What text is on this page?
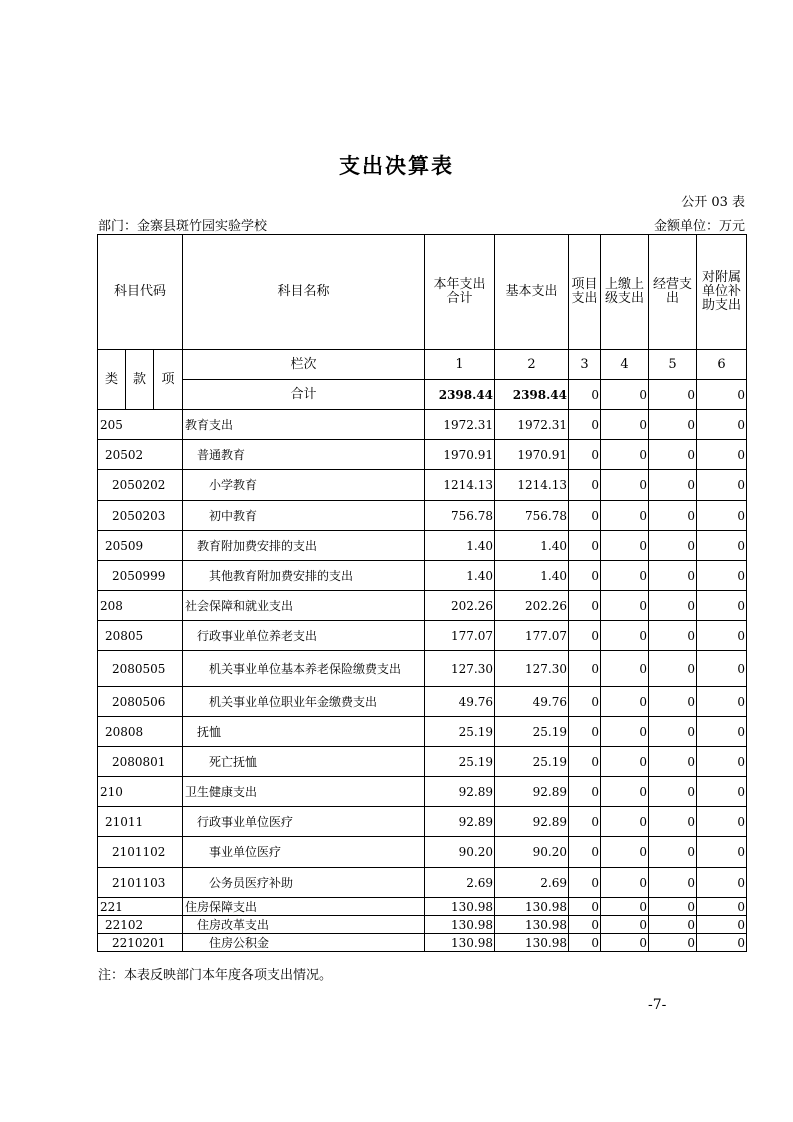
支出决算表
公开 03 表
部门：金寨县斑竹园实验学校	金额单位：万元
科目代码			科目名称	本年支出
合计	基本支出	项目支出	上缴上级支出	经营支出	对附属单位补助支出
类	款	项	栏次	1	2	3	4	5	6
			合计	2398.44	2398.44	0	0	0	0
205			教育支出	1972.31	1972.31	0	0	0	0
20502			普通教育	1970.91	1970.91	0	0	0	0
2050202			小学教育	1214.13	1214.13	0	0	0	0
2050203			初中教育	756.78	756.78	0	0	0	0
20509			教育附加费安排的支出	1.40	1.40	0	0	0	0
2050999			其他教育附加费安排的支出	1.40	1.40	0	0	0	0
208			社会保障和就业支出	202.26	202.26	0	0	0	0
20805			行政事业单位养老支出	177.07	177.07	0	0	0	0
2080505			机关事业单位基本养老保险缴费支出	127.30	127.30	0	0	0	0
2080506			机关事业单位职业年金缴费支出	49.76	49.76	0	0	0	0
20808			抚恤	25.19	25.19	0	0	0	0
2080801			死亡抚恤	25.19	25.19	0	0	0	0
210			卫生健康支出	92.89	92.89	0	0	0	0
21011			行政事业单位医疗	92.89	92.89	0	0	0	0
2101102			事业单位医疗	90.20	90.20	0	0	0	0
2101103			公务员医疗补助	2.69	2.69	0	0	0	0
221			住房保障支出	130.98	130.98	0	0	0	0
22102			住房改革支出	130.98	130.98	0	0	0	0
2210201			住房公积金	130.98	130.98	0	0	0	0
注：本表反映部门本年度各项支出情况。
-7-
